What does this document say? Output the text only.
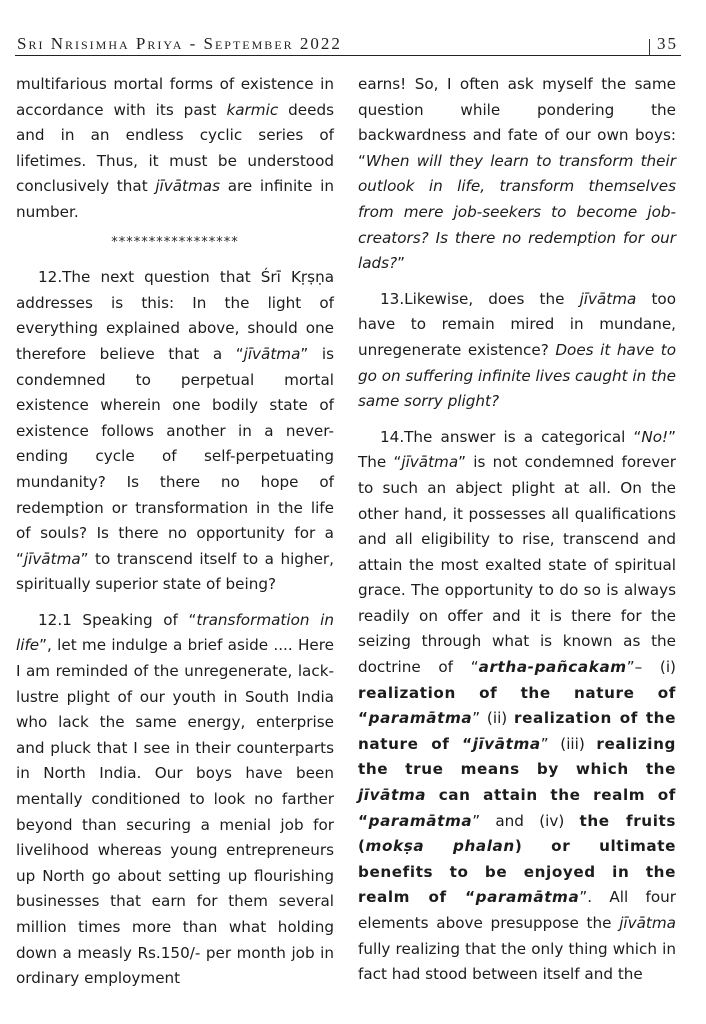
Sri Nrisimha Priya - September 2022	35

multifarious mortal forms of existence in accordance with its past karmic deeds and in an endless cyclic series of lifetimes. Thus, it must be understood conclusively that jīvātmas are infinite in number.

*****************

12.The next question that Śrī Kṛṣṇa addresses is this: In the light of everything explained above, should one therefore believe that a “jīvātma” is condemned to perpetual mortal existence wherein one bodily state of existence follows another in a never-ending cycle of self-perpetuating mundanity? Is there no hope of redemption or transformation in the life of souls? Is there no opportunity for a “jīvātma” to transcend itself to a higher, spiritually superior state of being?

12.1 Speaking of “transformation in life”, let me indulge a brief aside .... Here I am reminded of the unregenerate, lack-lustre plight of our youth in South India who lack the same energy, enterprise and pluck that I see in their counterparts in North India. Our boys have been mentally conditioned to look no farther beyond than securing a menial job for livelihood whereas young entrepreneurs up North go about setting up flourishing businesses that earn for them several million times more than what holding down a measly Rs.150/- per month job in ordinary employment

earns! So, I often ask myself the same question while pondering the backwardness and fate of our own boys: “When will they learn to transform their outlook in life, transform themselves from mere job-seekers to become job-creators? Is there no redemption for our lads?”

13.Likewise, does the jīvātma too have to remain mired in mundane, unregenerate existence? Does it have to go on suffering infinite lives caught in the same sorry plight?

14.The answer is a categorical “No!” The “jīvātma” is not condemned forever to such an abject plight at all. On the other hand, it possesses all qualifications and all eligibility to rise, transcend and attain the most exalted state of spiritual grace. The opportunity to do so is always readily on offer and it is there for the seizing through what is known as the doctrine of “artha-pañcakam”– (i) realization of the nature of “paramātma” (ii) realization of the nature of “jīvātma” (iii) realizing the true means by which the jīvātma can attain the realm of “paramātma” and (iv) the fruits (mokṣa phalan) or ultimate benefits to be enjoyed in the realm of “paramātma”. All four elements above presuppose the jīvātma fully realizing that the only thing which in fact had stood between itself and the
